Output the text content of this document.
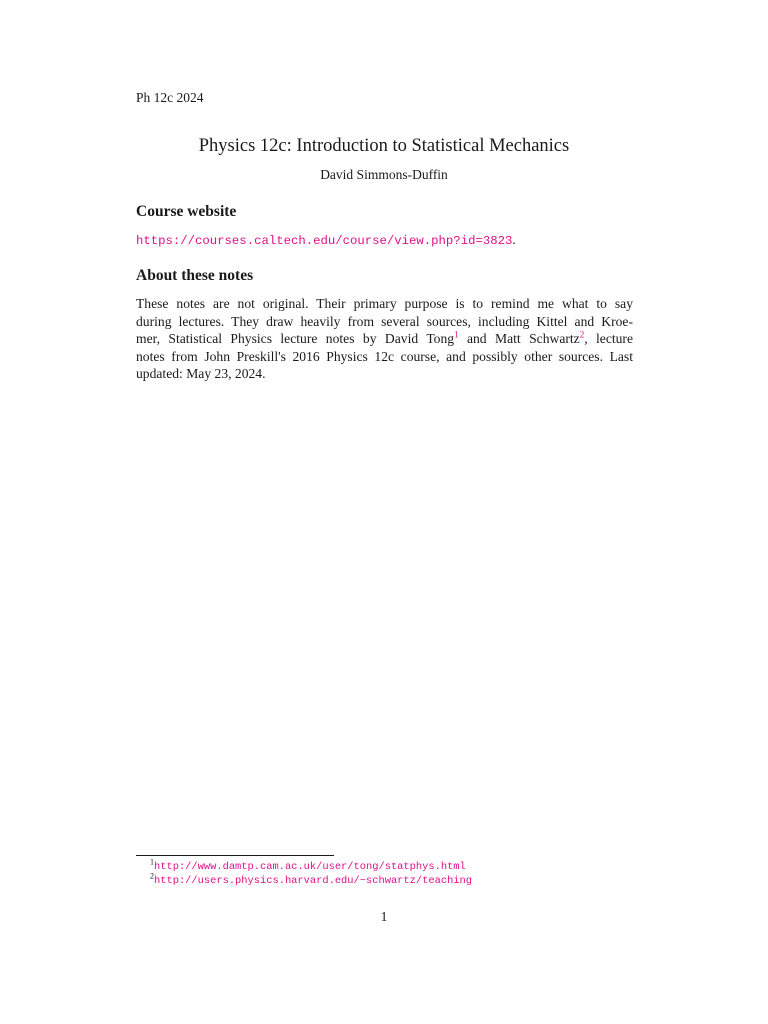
Ph 12c 2024
Physics 12c: Introduction to Statistical Mechanics
David Simmons-Duffin
Course website
https://courses.caltech.edu/course/view.php?id=3823.
About these notes
These notes are not original. Their primary purpose is to remind me what to say
during lectures. They draw heavily from several sources, including Kittel and Kroe-
mer, Statistical Physics lecture notes by David Tong$^1$ and Matt Schwartz$^2$, lecture
notes from John Preskill's 2016 Physics 12c course, and possibly other sources. Last
updated: May 23, 2024.
$^1$http://www.damtp.cam.ac.uk/user/tong/statphys.html
$^2$http://users.physics.harvard.edu/~schwartz/teaching
1
